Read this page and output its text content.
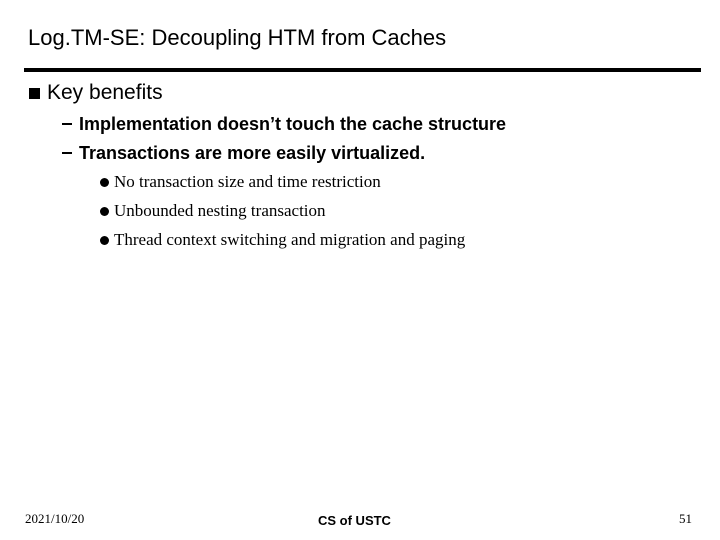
Log.TM-SE: Decoupling HTM from Caches
Key benefits
Implementation doesn’t touch the cache structure
Transactions are more easily virtualized.
No transaction size and time restriction
Unbounded nesting transaction
Thread context switching and migration and paging
2021/10/20	CS of USTC	51
